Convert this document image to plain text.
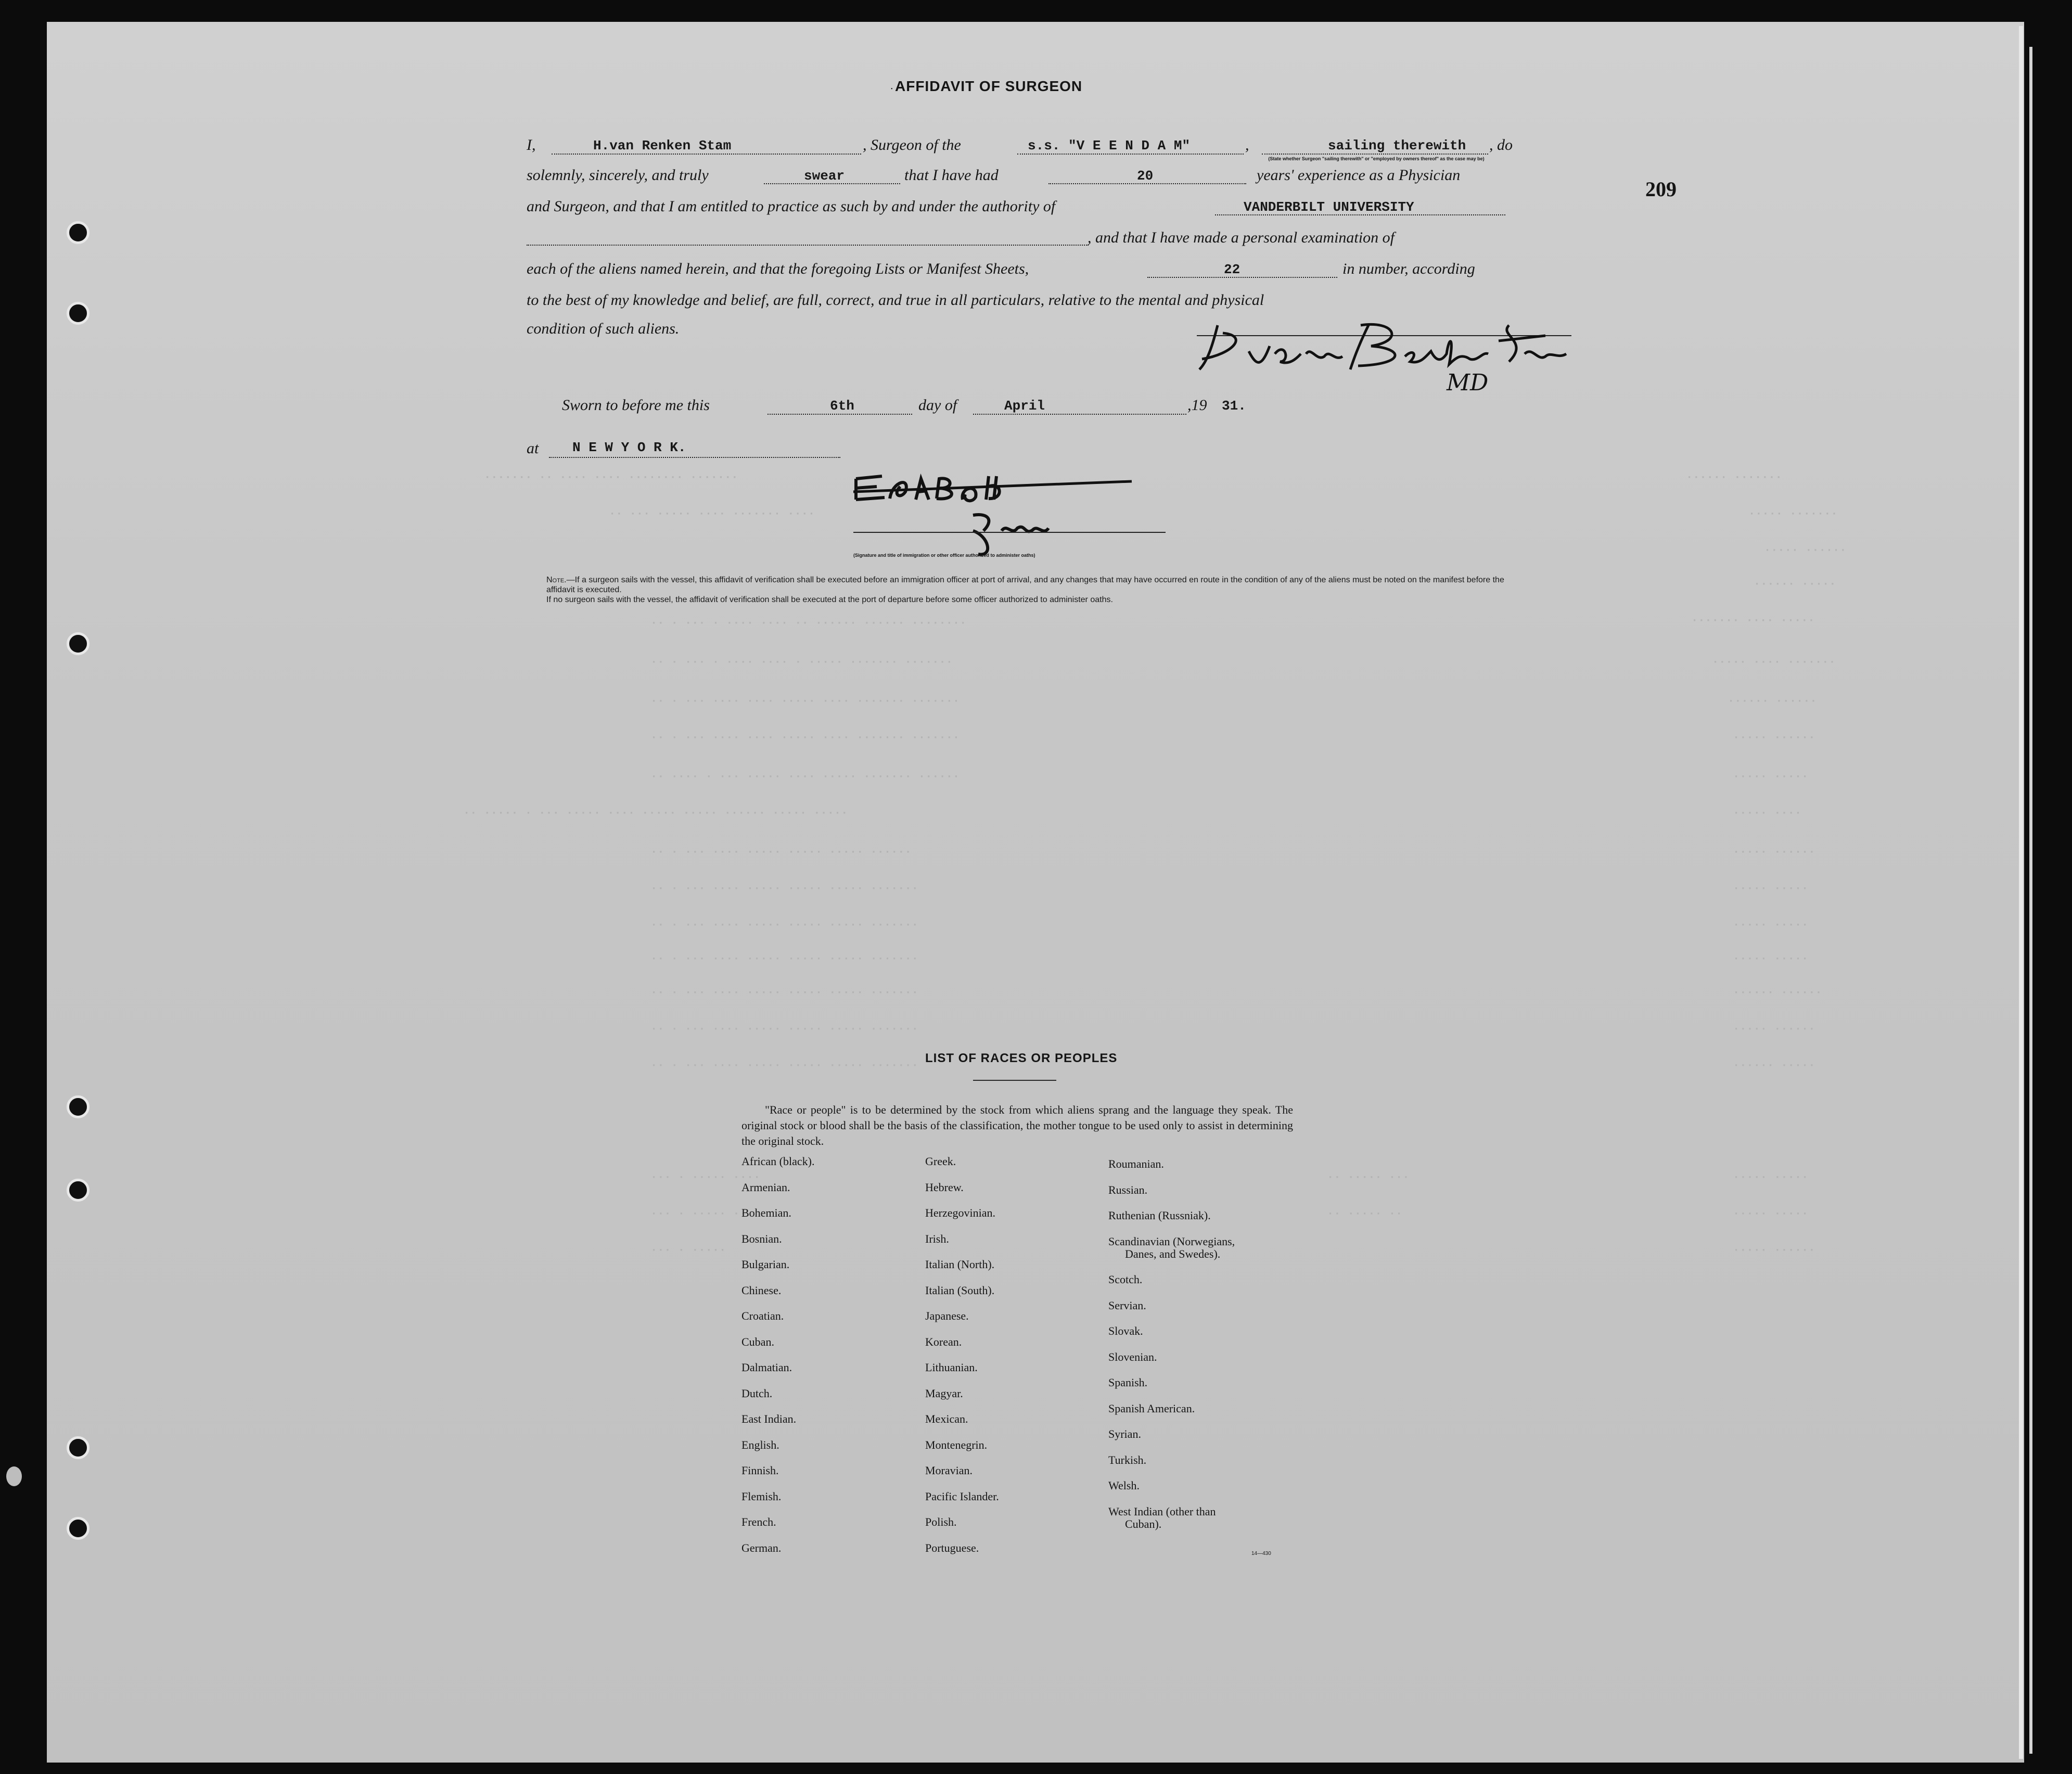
······· ·· ···· ···· ········ ·······
·· ··· ····· ···· ······· ····
······ ·······
····· ·······
····· ······
······ ·····
······· ···· ·····
····· ···· ·······
······ ······
····· ······
····· ·····
····· ····
····· ······
····· ·····
····· ·····
····· ·····
······ ······
····· ······
······ ·····
·· · ··· · ···· ···· ·· ······ ······ ········
·· · ··· · ···· ···· · ····· ······· ·······
·· · ··· ···· ···· ····· ···· ······· ·······
·· · ··· ···· ···· ····· ···· ······· ·······
·· ···· · ··· ····· ···· ····· ······· ······
·· ····· · ··· ····· ···· ····· ····· ······ ····· ·····
·· · ··· ···· ····· ····· ····· ······
·· · ··· ···· ····· ····· ····· ·······
·· · ··· ···· ····· ····· ····· ·······
·· · ··· ···· ····· ····· ····· ·······
·· · ··· ···· ····· ····· ····· ·······
·· · ··· ···· ····· ····· ····· ·······
·· · ··· ···· ····· ····· ····· ·······
·· ····· ···
·· ····· ··
····· ·····
····· ·····
····· ······
··· · ····· ····
··· · ····· ···
··· · ·····
209
AFFIDAVIT OF SURGEON
•
I,	H.van Renken Stam	, Surgeon of the	s.s. "V E E N D A M"	,	sailing therewith , do
(State whether Surgeon "sailing therewith" or "employed by owners thereof" as the case may be)
solemnly, sincerely, and truly	swear	that I have had	20	years' experience as a Physician
and Surgeon, and that I am entitled to practice as such by and under the authority of	VANDERBILT UNIVERSITY
, and that I have made a personal examination of
each of the aliens named herein, and that the foregoing Lists or Manifest Sheets,	22	in number, according
to the best of my knowledge and belief, are full, correct, and true in all particulars, relative to the mental and physical
condition of such aliens.
MD
Sworn to before me this	6th	day of	April	,19 31.
at N E W Y O R K.
(Signature and title of immigration or other officer authorized to administer oaths)
Note.—If a surgeon sails with the vessel, this affidavit of verification shall be executed before an immigration officer at port of arrival, and any changes that may have occurred en route in the condition of any of the aliens must be noted on the manifest before the affidavit is executed.
If no surgeon sails with the vessel, the affidavit of verification shall be executed at the port of departure before some officer authorized to administer oaths.
LIST OF RACES OR PEOPLES
"Race or people" is to be determined by the stock from which aliens sprang and the language they speak. The original stock or blood shall be the basis of the classification, the mother tongue to be used only to assist in determining the original stock.
African (black).
Armenian.
Bohemian.
Bosnian.
Bulgarian.
Chinese.
Croatian.
Cuban.
Dalmatian.
Dutch.
East Indian.
English.
Finnish.
Flemish.
French.
German.
Greek.
Hebrew.
Herzegovinian.
Irish.
Italian (North).
Italian (South).
Japanese.
Korean.
Lithuanian.
Magyar.
Mexican.
Montenegrin.
Moravian.
Pacific Islander.
Polish.
Portuguese.
Roumanian.
Russian.
Ruthenian (Russniak).
Scandinavian (Norwegians,
Danes, and Swedes).
Scotch.
Servian.
Slovak.
Slovenian.
Spanish.
Spanish American.
Syrian.
Turkish.
Welsh.
West Indian (other than
Cuban).
14—430
